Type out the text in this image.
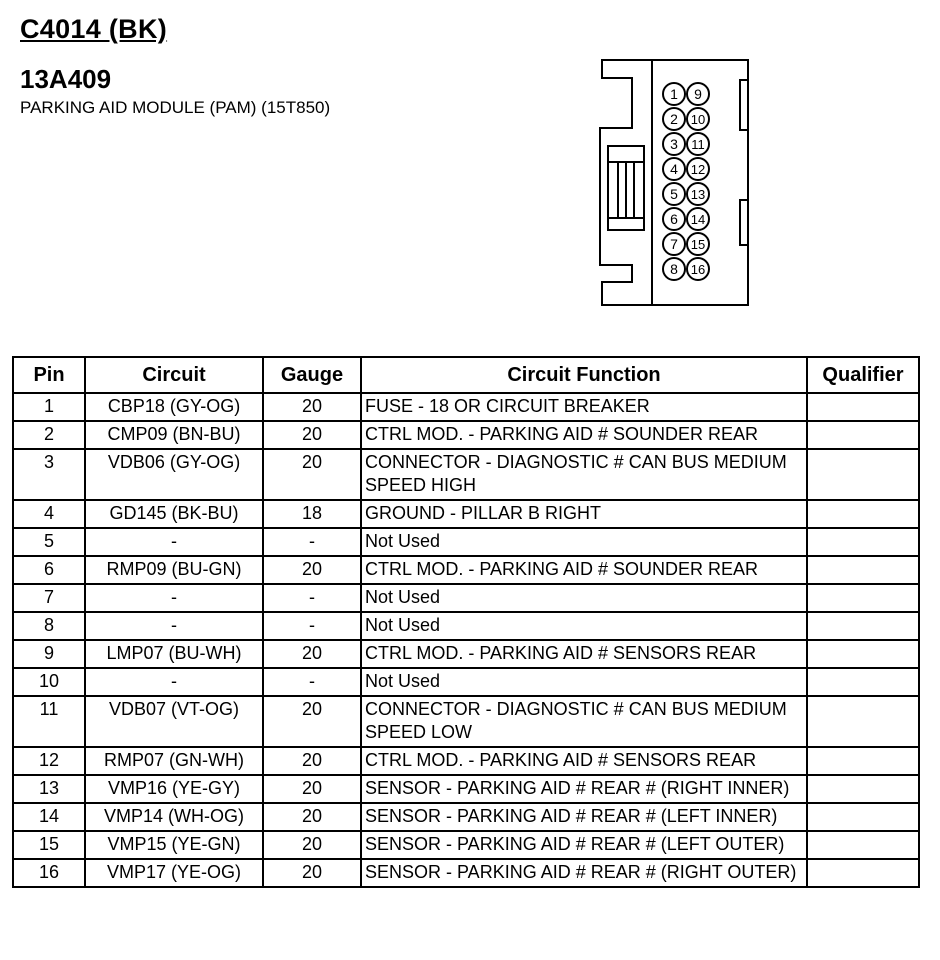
C4014 (BK)
13A409
PARKING AID MODULE (PAM) (15T850)
1
2
3
4
5
6
7
8
9
10
11
12
13
14
15
16
Pin	Circuit	Gauge	Circuit Function	Qualifier
1	CBP18 (GY-OG)	20	FUSE - 18 OR CIRCUIT BREAKER	
2	CMP09 (BN-BU)	20	CTRL MOD. - PARKING AID # SOUNDER REAR	
3	VDB06 (GY-OG)	20	CONNECTOR - DIAGNOSTIC # CAN BUS MEDIUM SPEED HIGH	
4	GD145 (BK-BU)	18	GROUND - PILLAR B RIGHT	
5	-	-	Not Used	
6	RMP09 (BU-GN)	20	CTRL MOD. - PARKING AID # SOUNDER REAR	
7	-	-	Not Used	
8	-	-	Not Used	
9	LMP07 (BU-WH)	20	CTRL MOD. - PARKING AID # SENSORS REAR	
10	-	-	Not Used	
11	VDB07 (VT-OG)	20	CONNECTOR - DIAGNOSTIC # CAN BUS MEDIUM SPEED LOW	
12	RMP07 (GN-WH)	20	CTRL MOD. - PARKING AID # SENSORS REAR	
13	VMP16 (YE-GY)	20	SENSOR - PARKING AID # REAR # (RIGHT INNER)	
14	VMP14 (WH-OG)	20	SENSOR - PARKING AID # REAR # (LEFT INNER)	
15	VMP15 (YE-GN)	20	SENSOR - PARKING AID # REAR # (LEFT OUTER)	
16	VMP17 (YE-OG)	20	SENSOR - PARKING AID # REAR # (RIGHT OUTER)	
